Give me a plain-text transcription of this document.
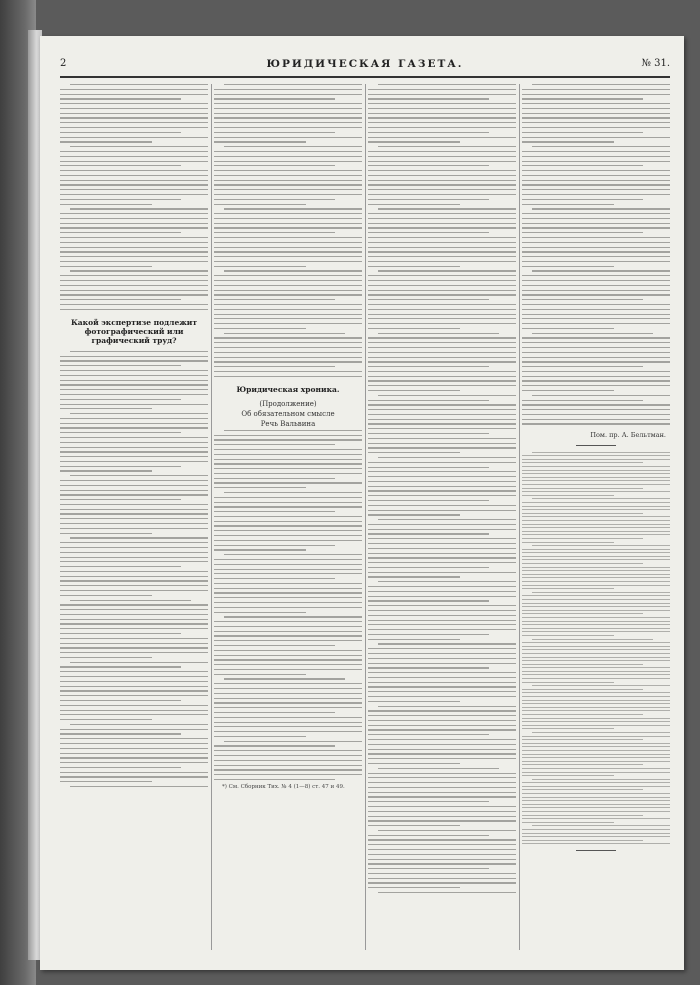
2	ЮРИДИЧЕСКАЯ ГАЗЕТА.	№ 31.
Какой экспертизе подлежит фотографический или графический труд?
Юридическая хроника.
(Продолжение)
Об обязательном смысле
Речь Вальвина
*) См. Сборник Тих. № 4 (1—8) ст. 47 и 49.
Пом. пр. А. Бельтман.
